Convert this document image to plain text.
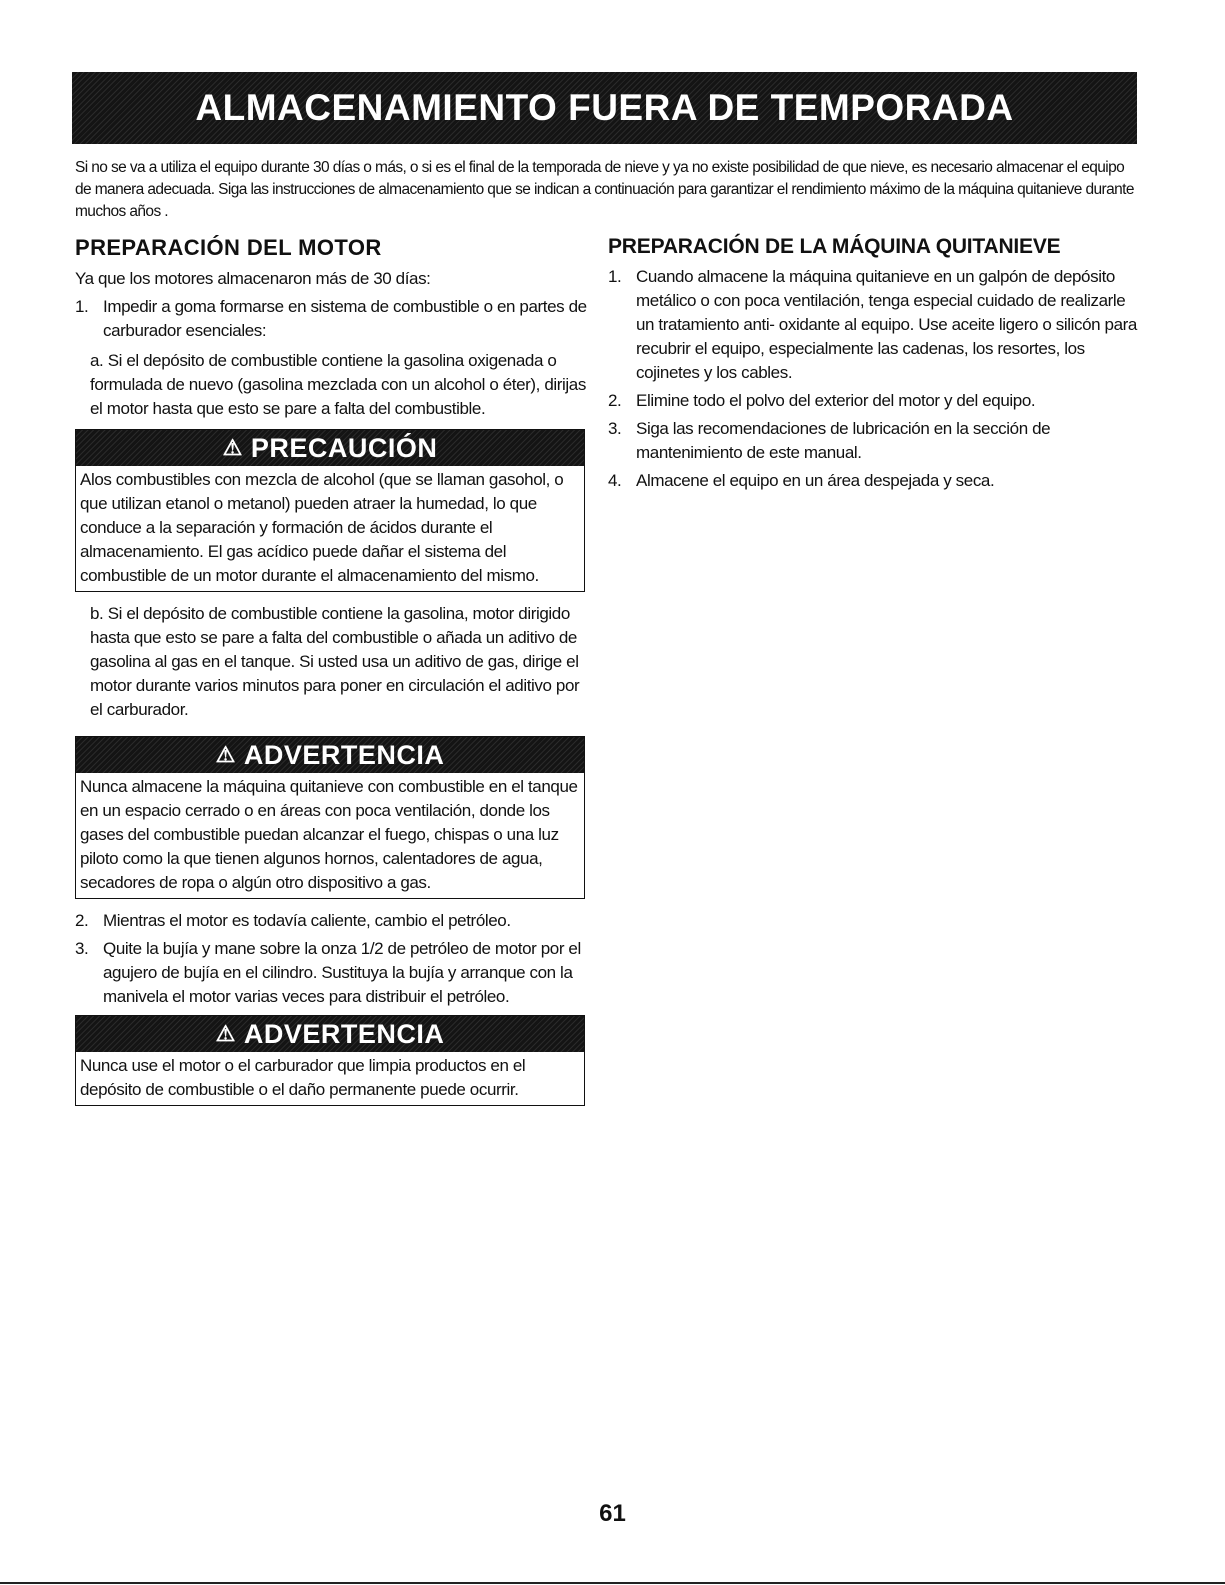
ALMACENAMIENTO FUERA DE TEMPORADA

Si no se va a utiliza el equipo durante 30 días o más, o si es el final de la temporada de nieve y ya no existe posibilidad de que nieve, es necesario almacenar el equipo de manera adecuada. Siga las instrucciones de almacenamiento que se indican a continuación para garantizar el rendimiento máximo de la máquina quitanieve durante muchos años .

PREPARACIÓN DEL MOTOR

Ya que los motores almacenaron más de 30 días:

1. Impedir a goma formarse en sistema de combustible o en partes de carburador esenciales:

a. Si el depósito de combustible contiene la gasolina oxigenada o formulada de nuevo (gasolina mezclada con un alcohol o éter), dirijas el motor hasta que esto se pare a falta del combustible.

⚠ PRECAUCIÓN

Alos combustibles con mezcla de alcohol (que se llaman gasohol, o que utilizan etanol o metanol) pueden atraer la humedad, lo que conduce a la separación y formación de ácidos durante el almacenamiento. El gas acídico puede dañar el sistema del combustible de un motor durante el almacenamiento del mismo.

b. Si el depósito de combustible contiene la gasolina, motor dirigido hasta que esto se pare a falta del combustible o añada un aditivo de gasolina al gas en el tanque. Si usted usa un aditivo de gas, dirige el motor durante varios minutos para poner en circulación el aditivo por el carburador.

⚠ ADVERTENCIA

Nunca almacene la máquina quitanieve con combustible en el tanque en un espacio cerrado o en áreas con poca ventilación, donde los gases del combustible puedan alcanzar el fuego, chispas o una luz piloto como la que tienen algunos hornos, calentadores de agua, secadores de ropa o algún otro dispositivo a gas.

2. Mientras el motor es todavía caliente, cambio el petróleo.
3. Quite la bujía y mane sobre la onza 1/2 de petróleo de motor por el agujero de bujía en el cilindro. Sustituya la bujía y arranque con la manivela el motor varias veces para distribuir el petróleo.
⚠ ADVERTENCIA

Nunca use el motor o el carburador que limpia productos en el depósito de combustible o el daño permanente puede ocurrir.

PREPARACIÓN DE LA MÁQUINA QUITANIEVE
1. Cuando almacene la máquina quitanieve en un galpón de depósito metálico o con poca ventilación, tenga especial cuidado de realizarle un tratamiento anti- oxidante al equipo. Use aceite ligero o silicón para recubrir el equipo, especialmente las cadenas, los resortes, los cojinetes y los cables.
2. Elimine todo el polvo del exterior del motor y del equipo.
3. Siga las recomendaciones de lubricación en la sección de mantenimiento de este manual.
4. Almacene el equipo en un área despejada y seca.
61
